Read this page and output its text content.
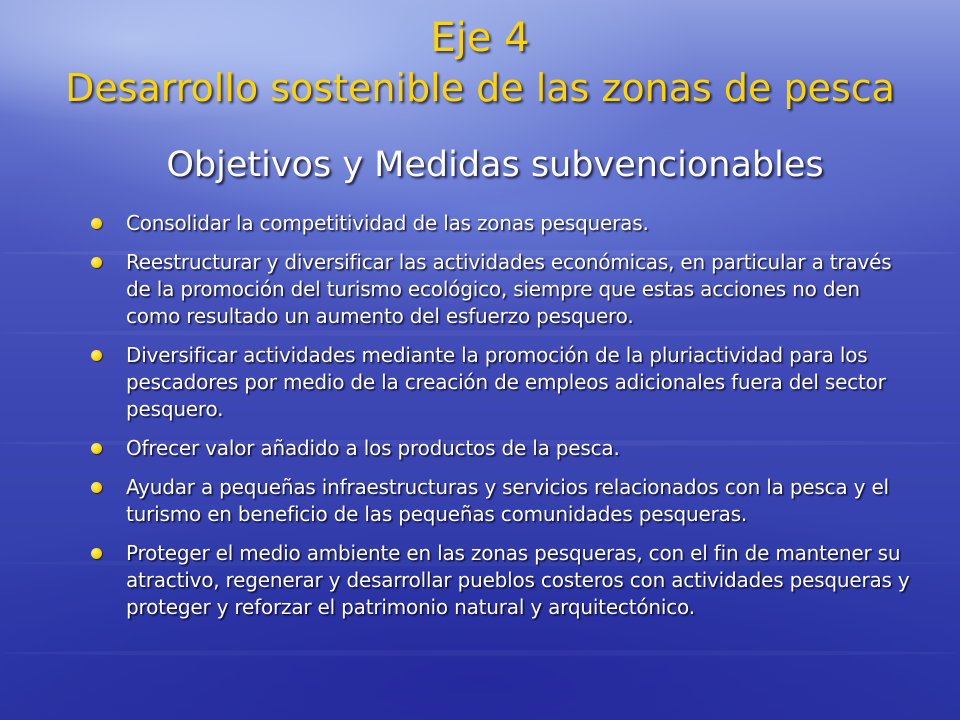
Eje 4
Desarrollo sostenible de las zonas de pesca
Objetivos y Medidas subvencionables
Consolidar la competitividad de las zonas pesqueras.
Reestructurar y diversificar las actividades económicas, en particular a través de la promoción del turismo ecológico, siempre que estas acciones no den como resultado un aumento del esfuerzo pesquero.
Diversificar actividades mediante la promoción de la pluriactividad para los pescadores por medio de la creación de empleos adicionales fuera del sector pesquero.
Ofrecer valor añadido a los productos de la pesca.
Ayudar a pequeñas infraestructuras y servicios relacionados con la pesca y el turismo en beneficio de las pequeñas comunidades pesqueras.
Proteger el medio ambiente en las zonas pesqueras, con el fin de mantener su atractivo, regenerar y desarrollar pueblos costeros con actividades pesqueras y proteger y reforzar el patrimonio natural y arquitectónico.
